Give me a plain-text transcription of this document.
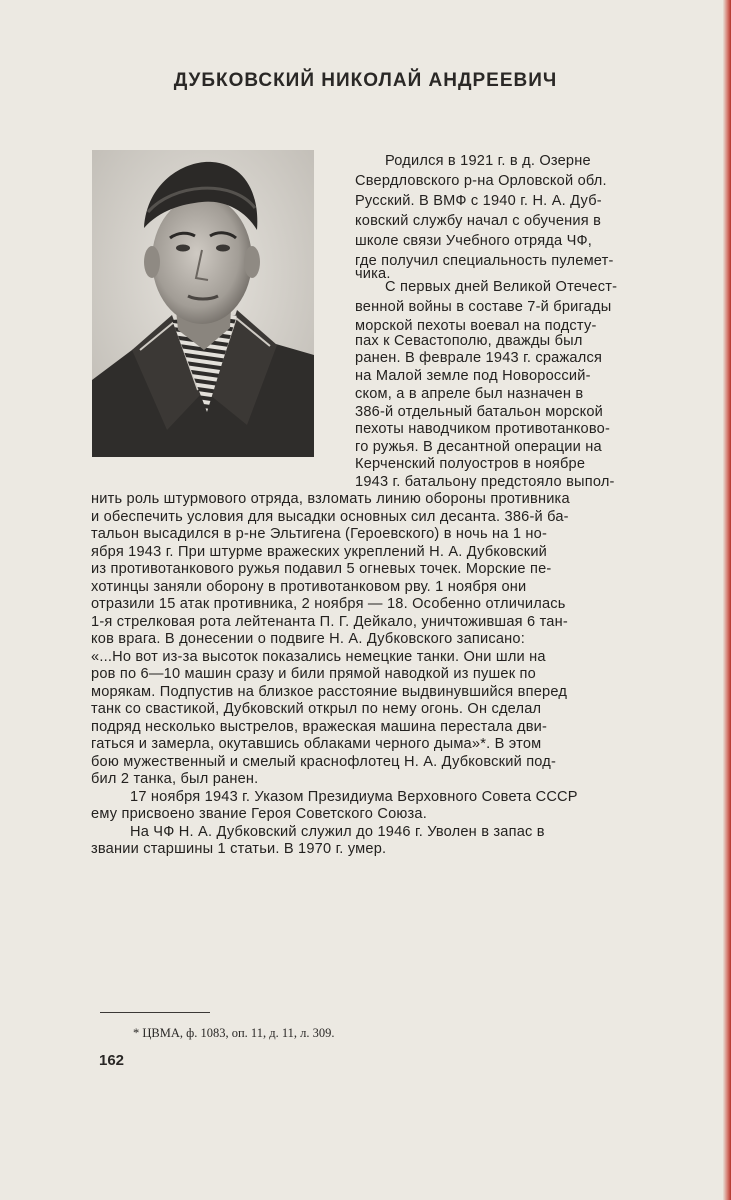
ДУБКОВСКИЙ НИКОЛАЙ АНДРЕЕВИЧ
Родился в 1921 г. в д. Озерне
Свердловского р-на Орловской обл.
Русский. В ВМФ с 1940 г. Н. А. Дуб-
ковский службу начал с обучения в
школе связи Учебного отряда ЧФ,
где получил специальность пулемет-
чика.
С первых дней Великой Отечест-
венной войны в составе 7-й бригады
морской пехоты воевал на подсту-
пах к Севастополю, дважды был
ранен. В феврале 1943 г. сражался
на Малой земле под Новороссий-
ском, а в апреле был назначен в
386-й отдельный батальон морской
пехоты наводчиком противотанково-
го ружья. В десантной операции на
Керченский полуостров в ноябре
1943 г. батальону предстояло выпол-
нить роль штурмового отряда, взломать линию обороны противника
и обеспечить условия для высадки основных сил десанта. 386-й ба-
тальон высадился в р-не Эльтигена (Героевского) в ночь на 1 но-
ября 1943 г. При штурме вражеских укреплений Н. А. Дубковский
из противотанкового ружья подавил 5 огневых точек. Морские пе-
хотинцы заняли оборону в противотанковом рву. 1 ноября они
отразили 15 атак противника, 2 ноября — 18. Особенно отличилась
1-я стрелковая рота лейтенанта П. Г. Дейкало, уничтожившая 6 тан-
ков врага. В донесении о подвиге Н. А. Дубковского записано:
«...Но вот из-за высоток показались немецкие танки. Они шли на
ров по 6—10 машин сразу и били прямой наводкой из пушек по
морякам. Подпустив на близкое расстояние выдвинувшийся вперед
танк со свастикой, Дубковский открыл по нему огонь. Он сделал
подряд несколько выстрелов, вражеская машина перестала дви-
гаться и замерла, окутавшись облаками черного дыма»*. В этом
бою мужественный и смелый краснофлотец Н. А. Дубковский под-
бил 2 танка, был ранен.
17 ноября 1943 г. Указом Президиума Верховного Совета СССР
ему присвоено звание Героя Советского Союза.
На ЧФ Н. А. Дубковский служил до 1946 г. Уволен в запас в
звании старшины 1 статьи. В 1970 г. умер.
* ЦВМА, ф. 1083, оп. 11, д. 11, л. 309.
162
